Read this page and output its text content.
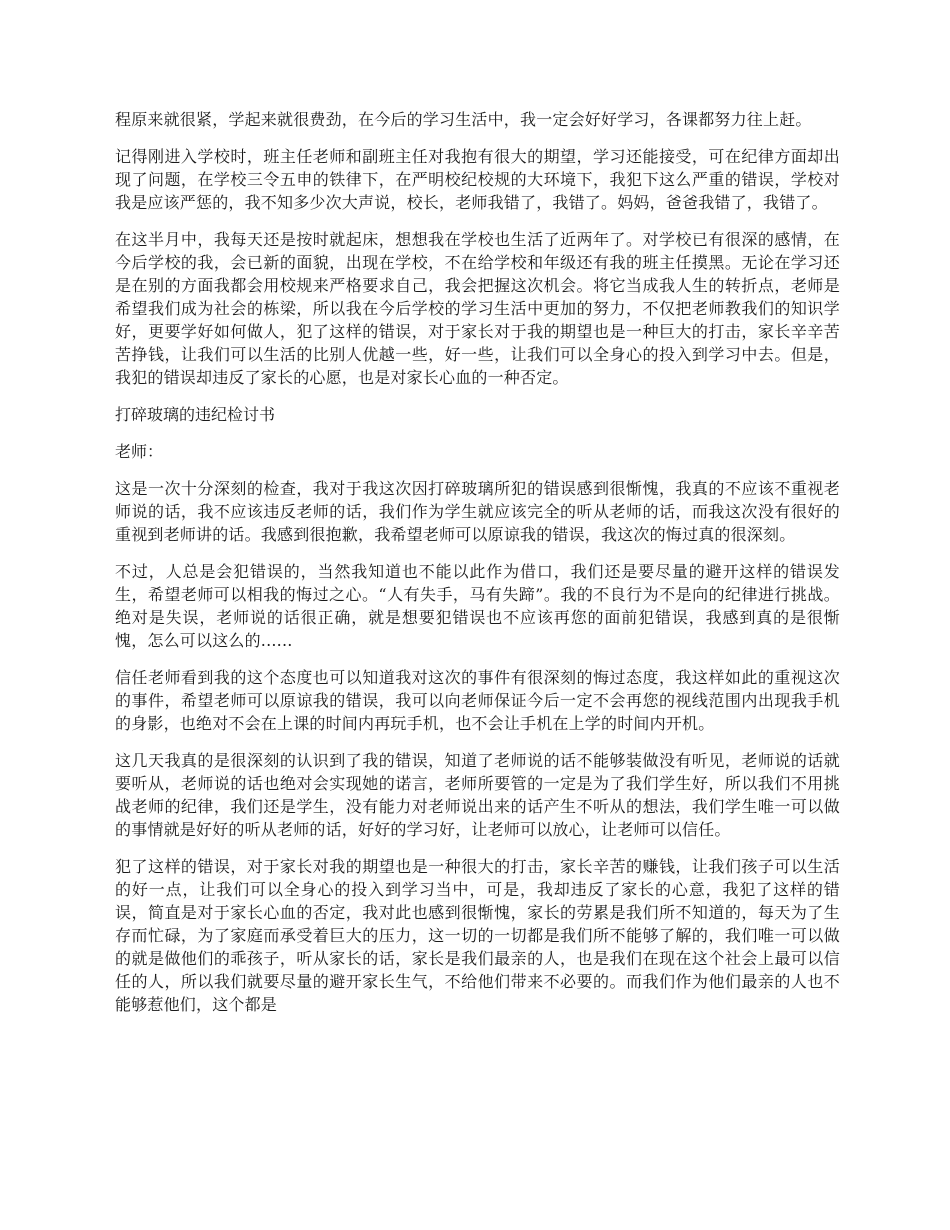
程原来就很紧，学起来就很费劲，在今后的学习生活中，我一定会好好学习，各课都努力往上赶。

记得刚进入学校时，班主任老师和副班主任对我抱有很大的期望，学习还能接受，可在纪律方面却出现了问题，在学校三令五申的铁律下，在严明校纪校规的大环境下，我犯下这么严重的错误，学校对我是应该严惩的，我不知多少次大声说，校长，老师我错了，我错了。妈妈，爸爸我错了，我错了。

在这半月中，我每天还是按时就起床，想想我在学校也生活了近两年了。对学校已有很深的感情，在今后学校的我，会已新的面貌，出现在学校，不在给学校和年级还有我的班主任摸黑。无论在学习还是在别的方面我都会用校规来严格要求自己，我会把握这次机会。将它当成我人生的转折点，老师是希望我们成为社会的栋梁，所以我在今后学校的学习生活中更加的努力，不仅把老师教我们的知识学好，更要学好如何做人，犯了这样的错误，对于家长对于我的期望也是一种巨大的打击，家长辛辛苦苦挣钱，让我们可以生活的比别人优越一些，好一些，让我们可以全身心的投入到学习中去。但是，我犯的错误却违反了家长的心愿，也是对家长心血的一种否定。

打碎玻璃的违纪检讨书

老师：

这是一次十分深刻的检查，我对于我这次因打碎玻璃所犯的错误感到很惭愧，我真的不应该不重视老师说的话，我不应该违反老师的话，我们作为学生就应该完全的听从老师的话，而我这次没有很好的重视到老师讲的话。我感到很抱歉，我希望老师可以原谅我的错误，我这次的悔过真的很深刻。

不过，人总是会犯错误的，当然我知道也不能以此作为借口，我们还是要尽量的避开这样的错误发生，希望老师可以相我的悔过之心。“人有失手，马有失蹄”。我的不良行为不是向的纪律进行挑战。绝对是失误，老师说的话很正确，就是想要犯错误也不应该再您的面前犯错误，我感到真的是很惭愧，怎么可以这么的......

信任老师看到我的这个态度也可以知道我对这次的事件有很深刻的悔过态度，我这样如此的重视这次的事件，希望老师可以原谅我的错误，我可以向老师保证今后一定不会再您的视线范围内出现我手机的身影，也绝对不会在上课的时间内再玩手机，也不会让手机在上学的时间内开机。

这几天我真的是很深刻的认识到了我的错误，知道了老师说的话不能够装做没有听见，老师说的话就要听从，老师说的话也绝对会实现她的诺言，老师所要管的一定是为了我们学生好，所以我们不用挑战老师的纪律，我们还是学生，没有能力对老师说出来的话产生不听从的想法，我们学生唯一可以做的事情就是好好的听从老师的话，好好的学习好，让老师可以放心，让老师可以信任。

犯了这样的错误，对于家长对我的期望也是一种很大的打击，家长辛苦的赚钱，让我们孩子可以生活的好一点，让我们可以全身心的投入到学习当中，可是，我却违反了家长的心意，我犯了这样的错误，简直是对于家长心血的否定，我对此也感到很惭愧，家长的劳累是我们所不知道的，每天为了生存而忙碌，为了家庭而承受着巨大的压力，这一切的一切都是我们所不能够了解的，我们唯一可以做的就是做他们的乖孩子，听从家长的话，家长是我们最亲的人，也是我们在现在这个社会上最可以信任的人，所以我们就要尽量的避开家长生气，不给他们带来不必要的。而我们作为他们最亲的人也不能够惹他们，这个都是
